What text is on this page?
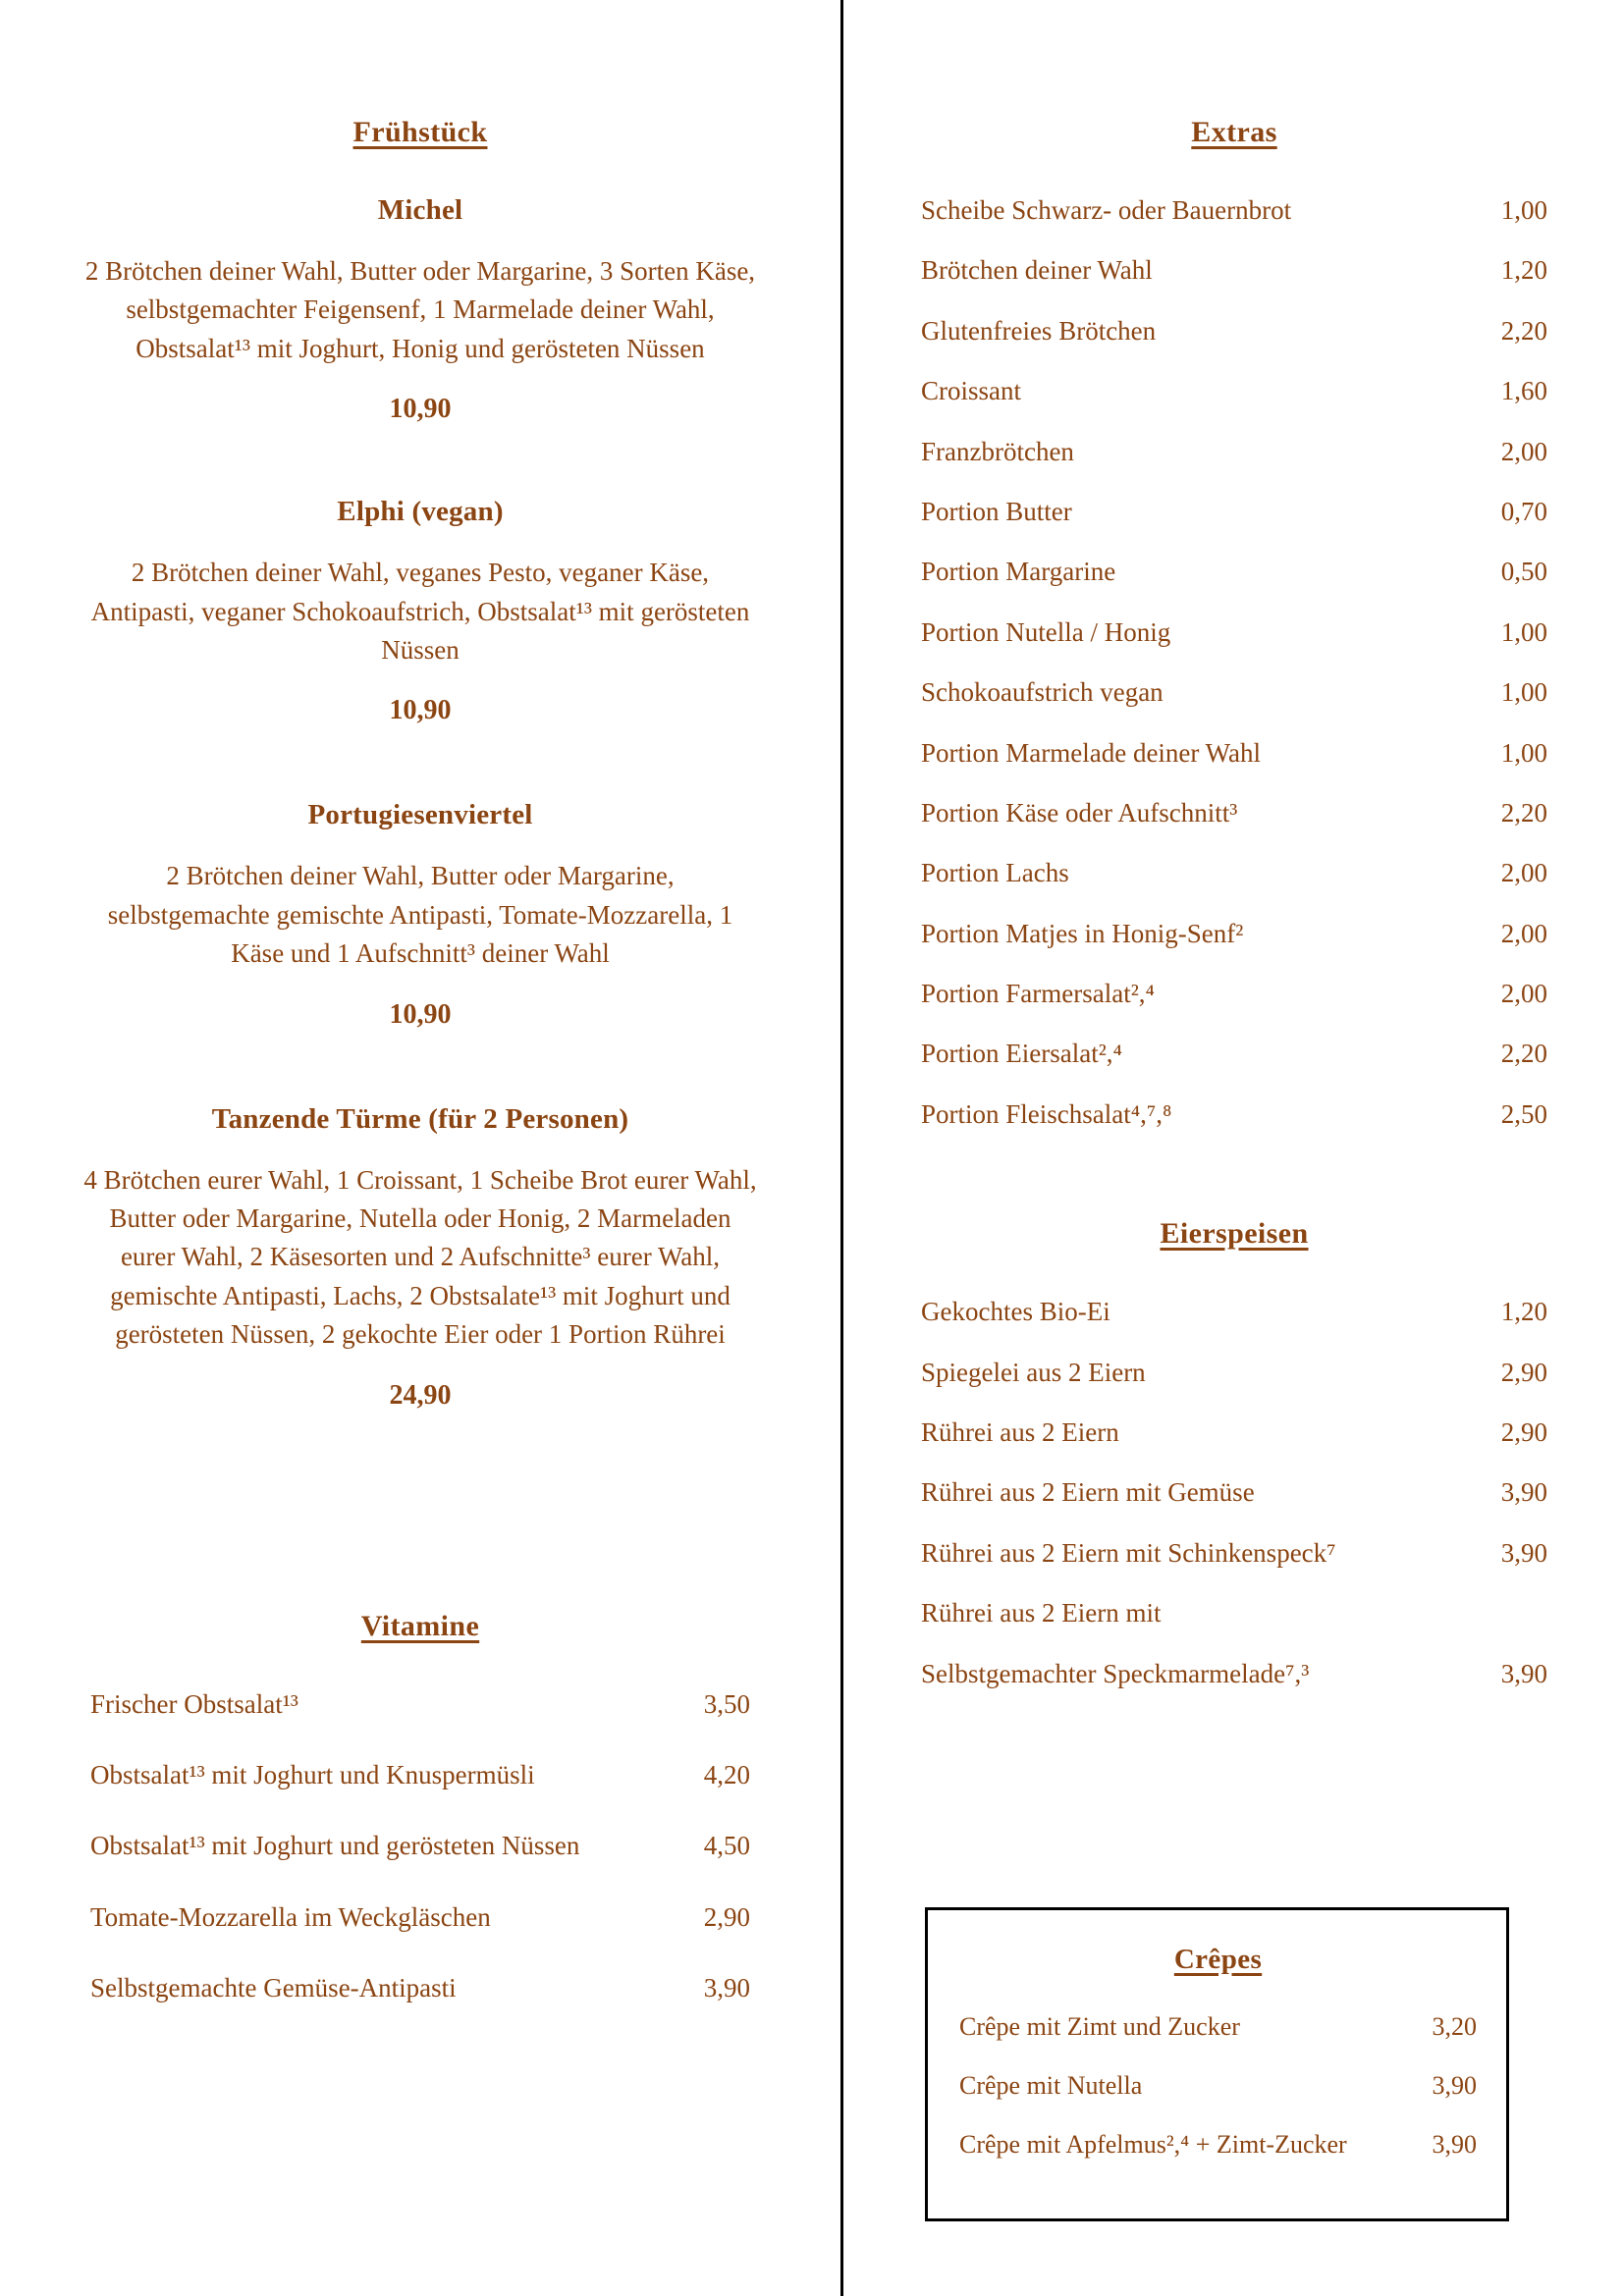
Frühstück
Michel
2 Brötchen deiner Wahl, Butter oder Margarine, 3 Sorten Käse, selbstgemachter Feigensenf, 1 Marmelade deiner Wahl, Obstsalat¹³ mit Joghurt, Honig und gerösteten Nüssen
10,90
Elphi (vegan)
2 Brötchen deiner Wahl, veganes Pesto, veganer Käse, Antipasti, veganer Schokoaufstrich, Obstsalat¹³ mit gerösteten Nüssen
10,90
Portugiesenviertel
2 Brötchen deiner Wahl, Butter oder Margarine, selbstgemachte gemischte Antipasti, Tomate-Mozzarella, 1 Käse und 1 Aufschnitt³ deiner Wahl
10,90
Tanzende Türme (für 2 Personen)
4 Brötchen eurer Wahl, 1 Croissant, 1 Scheibe Brot eurer Wahl, Butter oder Margarine, Nutella oder Honig, 2 Marmeladen eurer Wahl, 2 Käsesorten und 2 Aufschnitte³ eurer Wahl, gemischte Antipasti, Lachs, 2 Obstsalate¹³ mit Joghurt und gerösteten Nüssen, 2 gekochte Eier oder 1 Portion Rührei
24,90
Vitamine
Frischer Obstsalat¹³	3,50
Obstsalat¹³ mit Joghurt und Knuspermüsli	4,20
Obstsalat¹³ mit Joghurt und gerösteten Nüssen	4,50
Tomate-Mozzarella im Weckgläschen	2,90
Selbstgemachte Gemüse-Antipasti	3,90
Extras
Scheibe Schwarz- oder Bauernbrot	1,00
Brötchen deiner Wahl	1,20
Glutenfreies Brötchen	2,20
Croissant	1,60
Franzbrötchen	2,00
Portion Butter	0,70
Portion Margarine	0,50
Portion Nutella / Honig	1,00
Schokoaufstrich vegan	1,00
Portion Marmelade deiner Wahl	1,00
Portion Käse oder Aufschnitt³	2,20
Portion Lachs	2,00
Portion Matjes in Honig-Senf²	2,00
Portion Farmersalat²,⁴	2,00
Portion Eiersalat²,⁴	2,20
Portion Fleischsalat⁴,⁷,⁸	2,50
Eierspeisen
Gekochtes Bio-Ei	1,20
Spiegelei aus 2 Eiern	2,90
Rührei aus 2 Eiern	2,90
Rührei aus 2 Eiern mit Gemüse	3,90
Rührei aus 2 Eiern mit Schinkenspeck⁷	3,90
Rührei aus 2 Eiern mit
Selbstgemachter Speckmarmelade⁷,³	3,90
Crêpes
Crêpe mit Zimt und Zucker	3,20
Crêpe mit Nutella	3,90
Crêpe mit Apfelmus²,⁴ + Zimt-Zucker	3,90
